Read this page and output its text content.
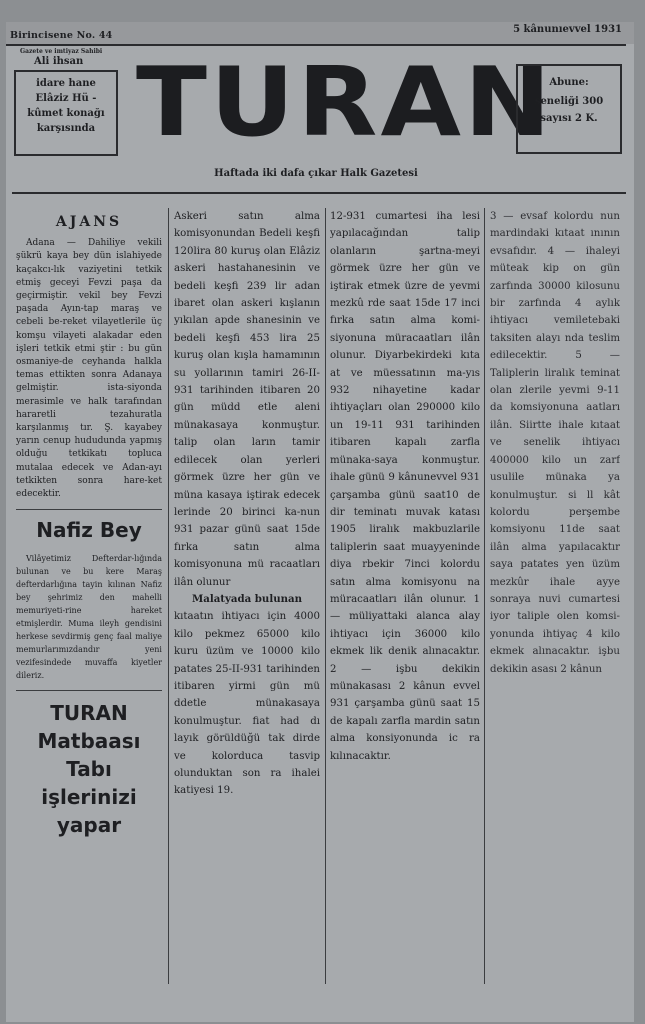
Birincisene No. 44
5 kânunıevvel 1931
Gazete ve imtiyaz Sahibi
Ali ihsan
idare hane
Elâziz Hü -
kûmet konağı
karşısında TURAN
Abune:
seneliği 300
sayısı 2 K.
Haftada iki dafa çıkar Halk Gazetesi
AJANS

Adana — Dahiliye vekili şükrü kaya bey dün islahiyede kaçakcı-lık vaziyetini tetkik etmiş geceyi Fevzi paşa da geçirmiştir. vekil bey Fevzi paşada Ayın-tap maraş ve cebeli be-reket vilayetlerile üç komşu vilayeti alakadar eden işleri tetkik etmi ştir : bu gün osmaniye-de ceyhanda halkla temas ettikten sonra Adanaya gelmiştir. ista-siyonda merasimle ve halk tarafından hararetli tezahuratla karşılanmış tır. Ş. kayabey yarın cenup hududunda yapmış olduğu tetkikatı topluca mutalaa edecek ve Adan-ayı tetkikten sonra hare-ket edecektir.

Nafiz Bey

Vilâyetimiz Defterdar-lığında bulunan ve bu kere Maraş defterdarlığına tayin kılınan Nafiz bey şehrimiz den mahelli memuriyeti-rine hareket etmişlerdir. Muma ileyh gendisini herkese sevdirmiş genç faal maliye memurlarımızdandır yeni vezifesindede muvaffa kiyetler dileriz.

TURAN
Matbaası
Tabı
işlerinizi
yapar

Askeri satın alma komisyonundan Bedeli keşfi 120lira 80 kuruş olan Elâziz askeri hastahanesinin ve bedeli keşfi 239 lir adan ibaret olan askeri kışlanın yıkılan apde shanesinin ve bedeli keşfi 453 lira 25 kuruş olan kışla hamamının su yollarının tamiri 26-II-931 tarihinden itibaren 20 gün müdd etle aleni münakasaya konmuştur. talip olan ların tamir edilecek olan yerleri görmek üzre her gün ve müna kasaya iştirak edecek lerinde 20 birinci ka-nun 931 pazar günü saat 15de fırka satın alma komisyonuna mü racaatları ilân olunur

Malatyada bulunan

kıtaatın ihtiyacı için 4000 kilo pekmez 65000 kilo kuru üzüm ve 10000 kilo patates 25-II-931 tarihinden itibaren yirmi gün mü ddetle münakasaya konulmuştur. fiat had dı layık görüldüğü tak dirde ve kolorduca tasvip olunduktan son ra ihalei katiyesi 19.

12-931 cumartesi iha lesi yapılacağından talip olanların şartna-meyi görmek üzre her gün ve iştirak etmek üzre de yevmi mezkû rde saat 15de 17 inci fırka satın alma komi-siyonuna müracaatları ilân olunur. Diyarbekirdeki kıta at ve müessatının ma-yıs 932 nihayetine kadar ihtiyaçları olan 290000 kilo un 19-11 931 tarihinden itibaren kapalı zarfla münaka-saya konmuştur. ihale günü 9 kânunevvel 931 çarşamba günü saat10 de dir teminatı muvak katası 1905 liralık makbuzlarile taliplerin saat muayyeninde diya rbekir 7inci kolordu satın alma komisyonu na müracaatları ilân olunur. 1 — müliyattaki alanca alay ihtiyacı için 36000 kilo ekmek lik denik alınacaktır. 2 — işbu dekikin münakasası 2 kânun evvel 931 çarşamba günü saat 15 de kapalı zarfla mardin satın alma konsiyonunda ic ra kılınacaktır.

3 — evsaf kolordu nun mardindaki kıtaat ınının evsafıdır. 4 — ihaleyi müteak kip on gün zarfında 30000 kilosunu bir zarfında 4 aylık ihtiyacı vemiletebaki taksiten alayı nda teslim edilecektir. 5 — Taliplerin liralık teminat olan zlerile yevmi 9-11 da komsiyonuna aatları ilân. Siirtte ihale kıtaat ve senelik ihtiyacı 400000 kilo un zarf usulile münaka ya konulmuştur. si ll kât kolordu perşembe komsiyonu 11de saat ilân alma yapılacaktır saya patates yen üzüm mezkûr ihale ayye sonraya nuvi cumartesi iyor taliple olen komsi-yonunda ihtiyaç 4 kilo ekmek alınacaktır. işbu dekikin asası 2 kânun
